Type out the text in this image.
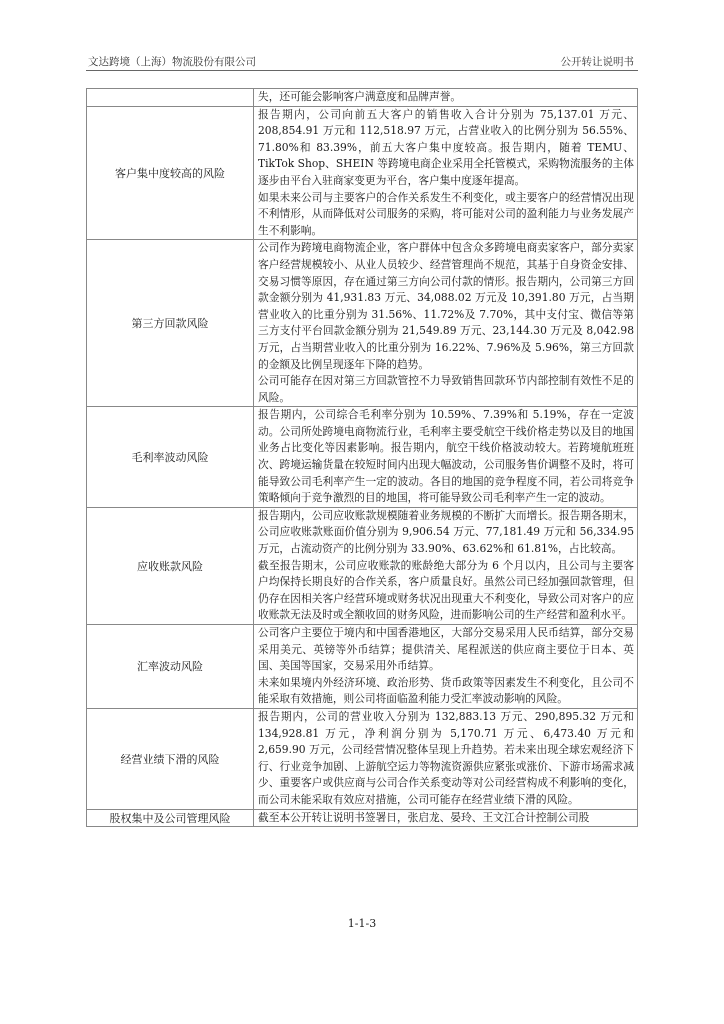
文达跨境（上海）物流股份有限公司	公开转让说明书

	失，还可能会影响客户满意度和品牌声誉。

客户集中度较高的风险	报告期内，公司向前五大客户的销售收入合计分别为 75,137.01 万元、208,854.91 万元和 112,518.97 万元，占营业收入的比例分别为 56.55%、71.80%和 83.39%，前五大客户集中度较高。报告期内，随着 TEMU、TikTok Shop、SHEIN 等跨境电商企业采用全托管模式，采购物流服务的主体逐步由平台入驻商家变更为平台，客户集中度逐年提高。

如果未来公司与主要客户的合作关系发生不利变化，或主要客户的经营情况出现不利情形，从而降低对公司服务的采购，将可能对公司的盈利能力与业务发展产生不利影响。

第三方回款风险	公司作为跨境电商物流企业，客户群体中包含众多跨境电商卖家客户，部分卖家客户经营规模较小、从业人员较少、经营管理尚不规范，其基于自身资金安排、交易习惯等原因，存在通过第三方向公司付款的情形。报告期内，公司第三方回款金额分别为 41,931.83 万元、34,088.02 万元及 10,391.80 万元，占当期营业收入的比重分别为 31.56%、11.72%及 7.70%，其中支付宝、微信等第三方支付平台回款金额分别为 21,549.89 万元、23,144.30 万元及 8,042.98 万元，占当期营业收入的比重分别为 16.22%、7.96%及 5.96%，第三方回款的金额及比例呈现逐年下降的趋势。

公司可能存在因对第三方回款管控不力导致销售回款环节内部控制有效性不足的风险。

毛利率波动风险	报告期内，公司综合毛利率分别为 10.59%、7.39%和 5.19%，存在一定波动。公司所处跨境电商物流行业，毛利率主要受航空干线价格走势以及目的地国业务占比变化等因素影响。报告期内，航空干线价格波动较大。若跨境航班班次、跨境运输货量在较短时间内出现大幅波动，公司服务售价调整不及时，将可能导致公司毛利率产生一定的波动。各目的地国的竞争程度不同，若公司将竞争策略倾向于竞争激烈的目的地国，将可能导致公司毛利率产生一定的波动。

应收账款风险	报告期内，公司应收账款规模随着业务规模的不断扩大而增长。报告期各期末，公司应收账款账面价值分别为 9,906.54 万元、77,181.49 万元和 56,334.95 万元，占流动资产的比例分别为 33.90%、63.62%和 61.81%，占比较高。

截至报告期末，公司应收账款的账龄绝大部分为 6 个月以内，且公司与主要客户均保持长期良好的合作关系，客户质量良好。虽然公司已经加强回款管理，但仍存在因相关客户经营环境或财务状况出现重大不利变化，导致公司对客户的应收账款无法及时或全额收回的财务风险，进而影响公司的生产经营和盈利水平。

汇率波动风险	公司客户主要位于境内和中国香港地区，大部分交易采用人民币结算，部分交易采用美元、英镑等外币结算；提供清关、尾程派送的供应商主要位于日本、英国、美国等国家，交易采用外币结算。

未来如果境内外经济环境、政治形势、货币政策等因素发生不利变化，且公司不能采取有效措施，则公司将面临盈利能力受汇率波动影响的风险。

经营业绩下滑的风险	报告期内，公司的营业收入分别为 132,883.13 万元、290,895.32 万元和 134,928.81 万元，净利润分别为 5,170.71 万元、6,473.40 万元和 2,659.90 万元，公司经营情况整体呈现上升趋势。若未来出现全球宏观经济下行、行业竞争加剧、上游航空运力等物流资源供应紧张或涨价、下游市场需求减少、重要客户或供应商与公司合作关系变动等对公司经营构成不利影响的变化，而公司未能采取有效应对措施，公司可能存在经营业绩下滑的风险。

股权集中及公司管理风险	截至本公开转让说明书签署日，张启龙、晏玲、王文江合计控制公司股

1-1-3
